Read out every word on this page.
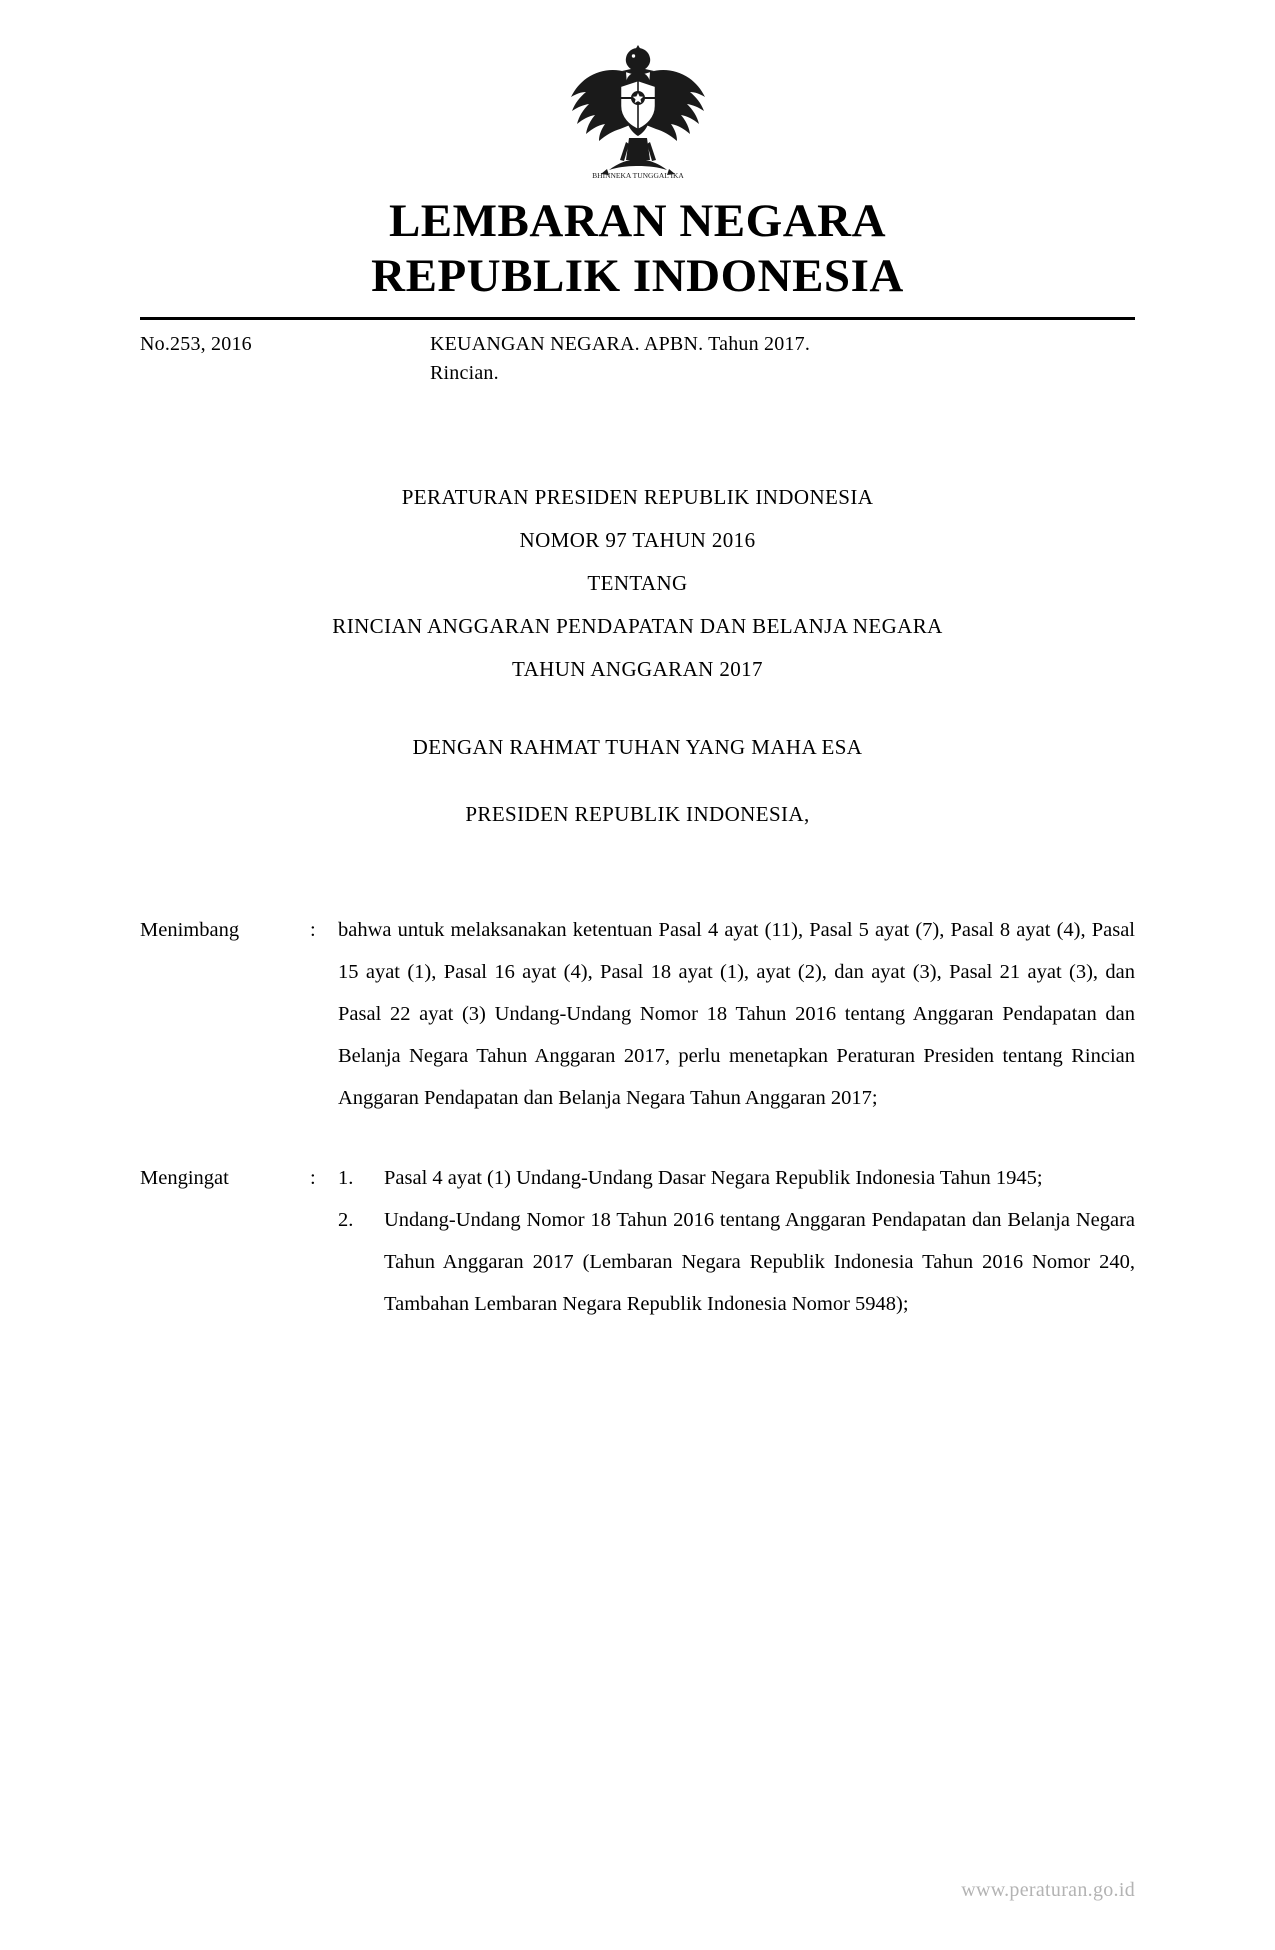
BHINNEKA TUNGGAL IKA
LEMBARAN NEGARA
REPUBLIK INDONESIA
No.253, 2016	KEUANGAN NEGARA. APBN. Tahun 2017.
Rincian.
PERATURAN PRESIDEN REPUBLIK INDONESIA
NOMOR 97 TAHUN 2016
TENTANG
RINCIAN ANGGARAN PENDAPATAN DAN BELANJA NEGARA
TAHUN ANGGARAN 2017
DENGAN RAHMAT TUHAN YANG MAHA ESA
PRESIDEN REPUBLIK INDONESIA,
Menimbang	:	bahwa untuk melaksanakan ketentuan Pasal 4 ayat (11), Pasal 5 ayat (7), Pasal 8 ayat (4), Pasal 15 ayat (1), Pasal 16 ayat (4), Pasal 18 ayat (1), ayat (2), dan ayat (3), Pasal 21 ayat (3), dan Pasal 22 ayat (3) Undang-Undang Nomor 18 Tahun 2016 tentang Anggaran Pendapatan dan Belanja Negara Tahun Anggaran 2017, perlu menetapkan Peraturan Presiden tentang Rincian Anggaran Pendapatan dan Belanja Negara Tahun Anggaran 2017;

Mengingat	:	1.	Pasal 4 ayat (1) Undang-Undang Dasar Negara Republik Indonesia Tahun 1945;
2.	Undang-Undang Nomor 18 Tahun 2016 tentang Anggaran Pendapatan dan Belanja Negara Tahun Anggaran 2017 (Lembaran Negara Republik Indonesia Tahun 2016 Nomor 240, Tambahan Lembaran Negara Republik Indonesia Nomor 5948);
www.peraturan.go.id
